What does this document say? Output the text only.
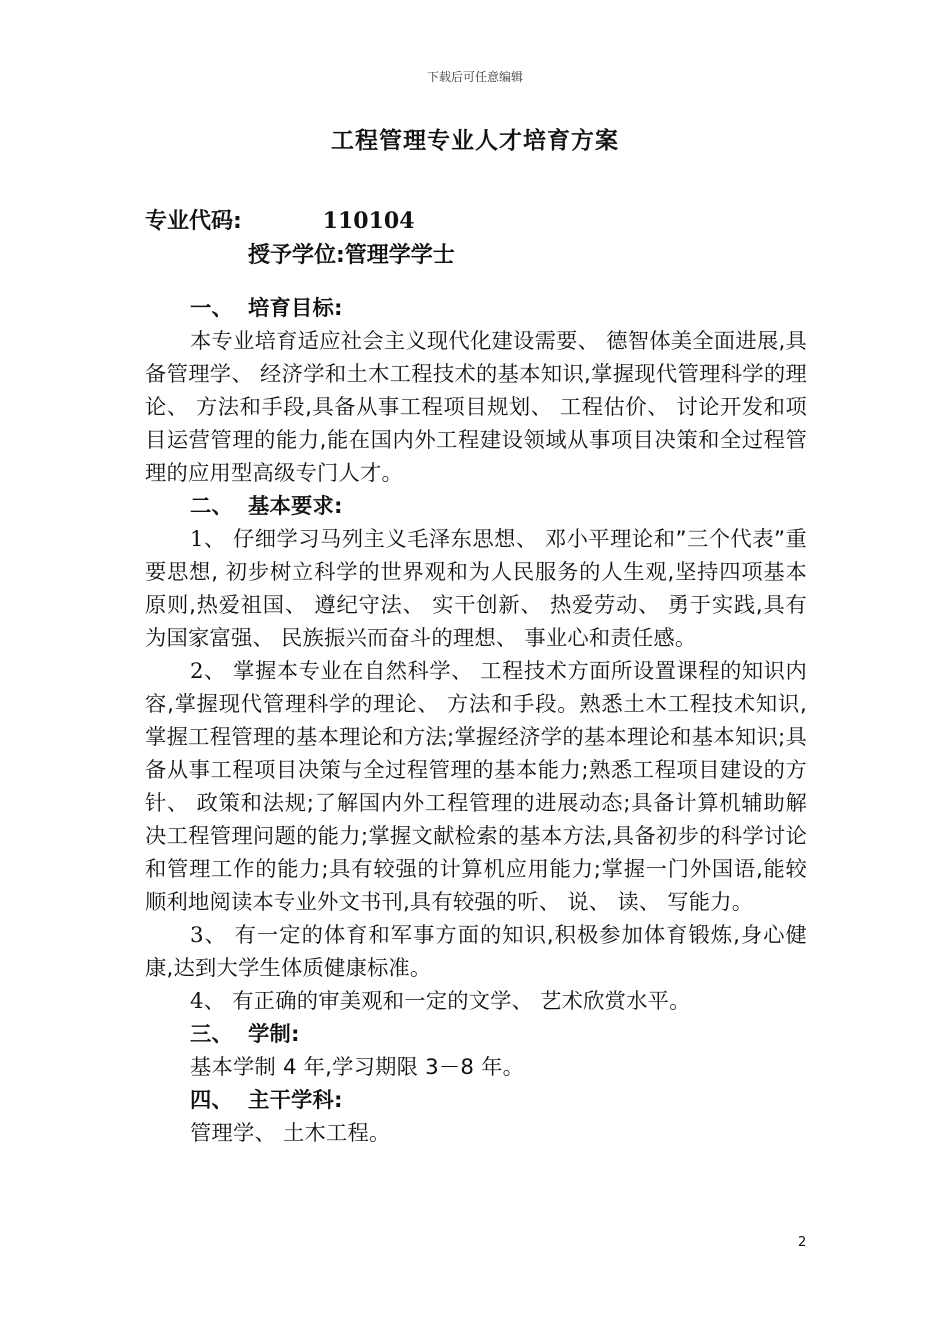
下载后可任意编辑
工程管理专业人才培育方案
专业代码:	110104
授予学位:管理学学士
一、 培育目标:

本专业培育适应社会主义现代化建设需要、 德智体美全面进展,具备管理学、 经济学和土木工程技术的基本知识,掌握现代管理科学的理论、 方法和手段,具备从事工程项目规划、 工程估价、 讨论开发和项目运营管理的能力,能在国内外工程建设领域从事项目决策和全过程管理的应用型高级专门人才。

二、 基本要求:

1、 仔细学习马列主义毛泽东思想、 邓小平理论和”三个代表”重要思想, 初步树立科学的世界观和为人民服务的人生观,坚持四项基本原则,热爱祖国、 遵纪守法、 实干创新、 热爱劳动、 勇于实践,具有为国家富强、 民族振兴而奋斗的理想、 事业心和责任感。

2、 掌握本专业在自然科学、 工程技术方面所设置课程的知识内容,掌握现代管理科学的理论、 方法和手段。熟悉土木工程技术知识,掌握工程管理的基本理论和方法;掌握经济学的基本理论和基本知识;具备从事工程项目决策与全过程管理的基本能力;熟悉工程项目建设的方针、 政策和法规;了解国内外工程管理的进展动态;具备计算机辅助解决工程管理问题的能力;掌握文献检索的基本方法,具备初步的科学讨论和管理工作的能力;具有较强的计算机应用能力;掌握一门外国语,能较顺利地阅读本专业外文书刊,具有较强的听、 说、 读、 写能力。

3、 有一定的体育和军事方面的知识,积极参加体育锻炼,身心健康,达到大学生体质健康标准。

4、 有正确的审美观和一定的文学、 艺术欣赏水平。

三、 学制:

基本学制 4 年,学习期限 3－8 年。

四、 主干学科:

管理学、 土木工程。

2
